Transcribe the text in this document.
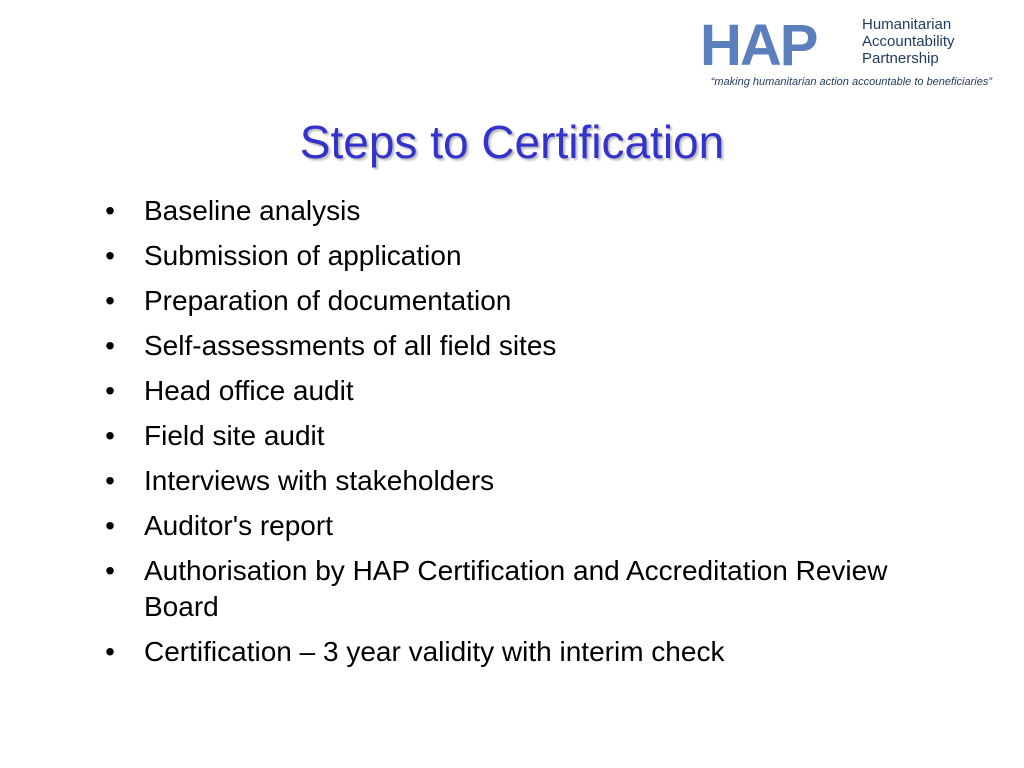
HAP	Humanitarian
Accountability
Partnership
“making humanitarian action accountable to beneficiaries”
Steps to Certification
• Baseline analysis
• Submission of application
• Preparation of documentation
• Self-assessments of all field sites
• Head office audit
• Field site audit
• Interviews with stakeholders
• Auditor's report
• Authorisation by HAP Certification and Accreditation Review Board
• Certification – 3 year validity with interim check
